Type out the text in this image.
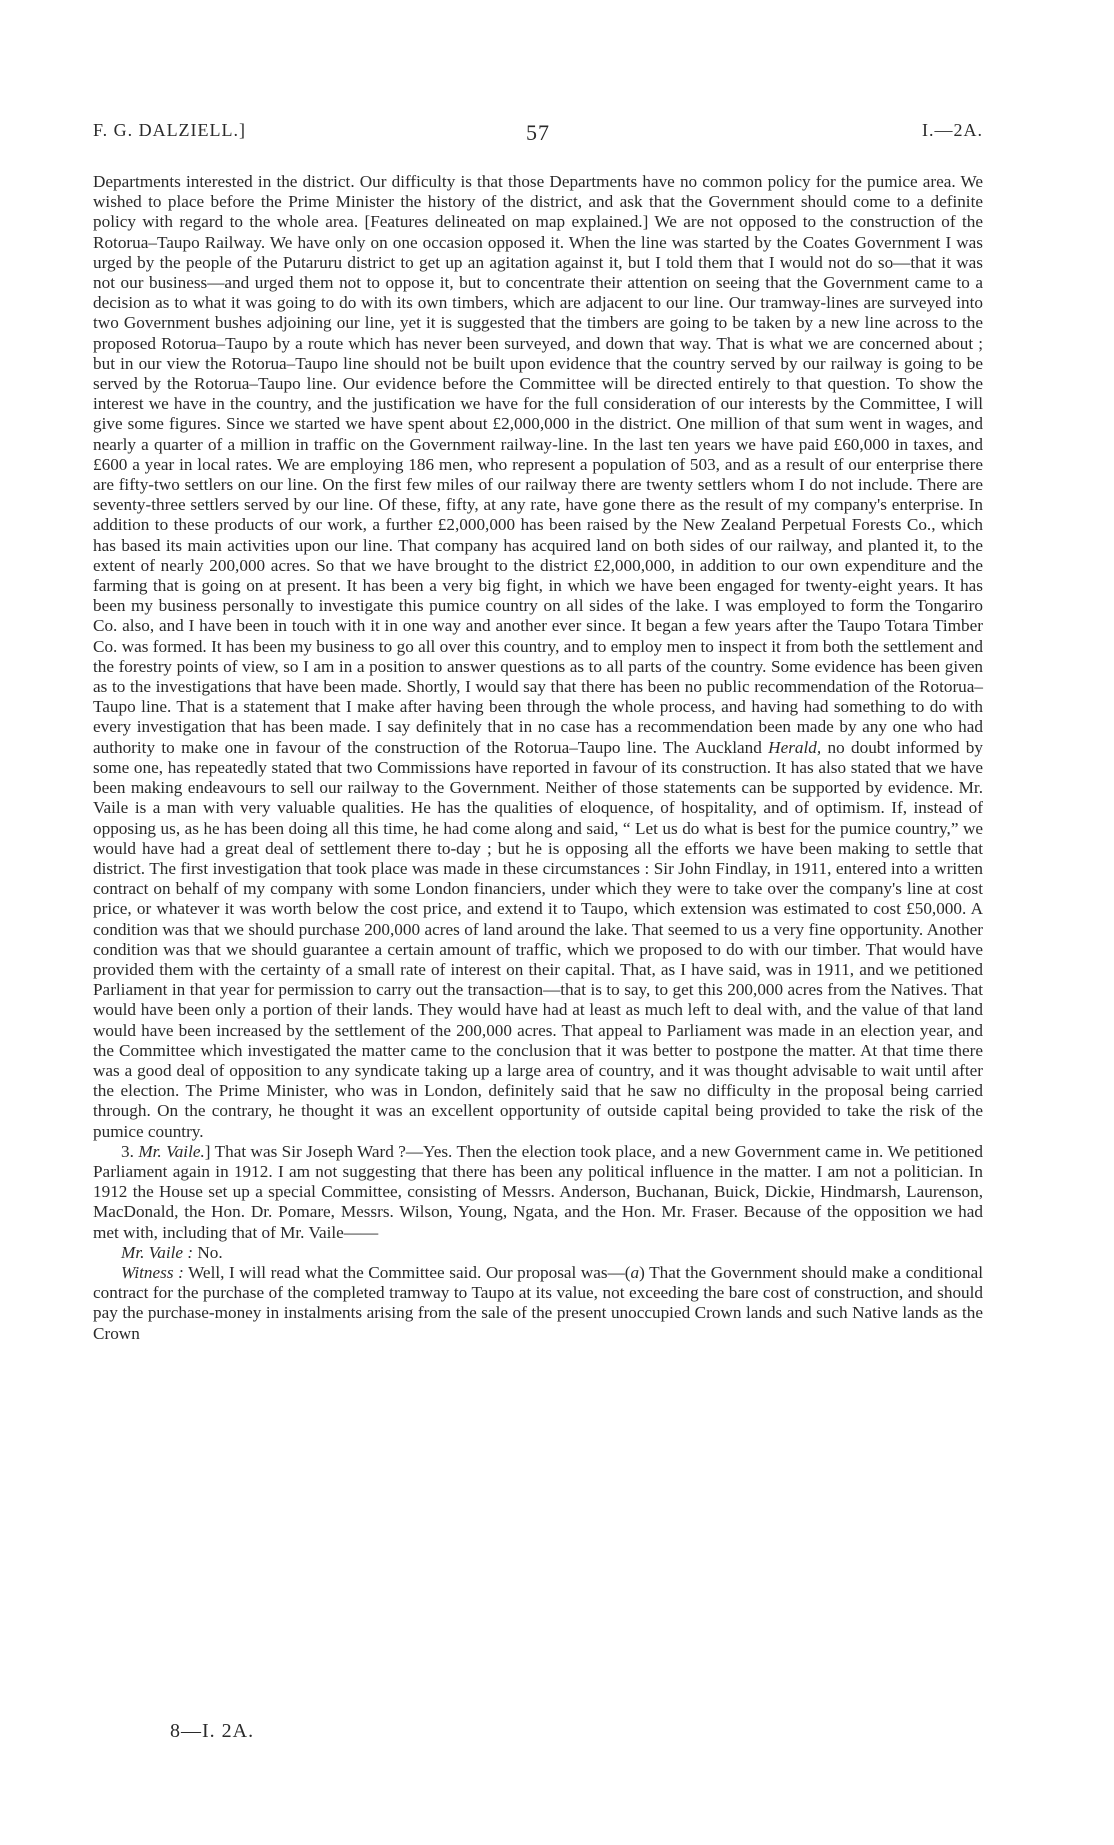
F. G. DALZIELL.]	57	I.—2A.

Departments interested in the district. Our difficulty is that those Departments have no common policy for the pumice area. We wished to place before the Prime Minister the history of the district, and ask that the Government should come to a definite policy with regard to the whole area. [Features delineated on map explained.] We are not opposed to the construction of the Rotorua–Taupo Railway. We have only on one occasion opposed it. When the line was started by the Coates Government I was urged by the people of the Putaruru district to get up an agitation against it, but I told them that I would not do so—that it was not our business—and urged them not to oppose it, but to concentrate their attention on seeing that the Government came to a decision as to what it was going to do with its own timbers, which are adjacent to our line. Our tramway-lines are surveyed into two Government bushes adjoining our line, yet it is suggested that the timbers are going to be taken by a new line across to the proposed Rotorua–Taupo by a route which has never been surveyed, and down that way. That is what we are concerned about ; but in our view the Rotorua–Taupo line should not be built upon evidence that the country served by our railway is going to be served by the Rotorua–Taupo line. Our evidence before the Committee will be directed entirely to that question. To show the interest we have in the country, and the justification we have for the full consideration of our interests by the Committee, I will give some figures. Since we started we have spent about £2,000,000 in the district. One million of that sum went in wages, and nearly a quarter of a million in traffic on the Government railway-line. In the last ten years we have paid £60,000 in taxes, and £600 a year in local rates. We are employing 186 men, who represent a population of 503, and as a result of our enterprise there are fifty-two settlers on our line. On the first few miles of our railway there are twenty settlers whom I do not include. There are seventy-three settlers served by our line. Of these, fifty, at any rate, have gone there as the result of my company's enterprise. In addition to these products of our work, a further £2,000,000 has been raised by the New Zealand Perpetual Forests Co., which has based its main activities upon our line. That company has acquired land on both sides of our railway, and planted it, to the extent of nearly 200,000 acres. So that we have brought to the district £2,000,000, in addition to our own expenditure and the farming that is going on at present. It has been a very big fight, in which we have been engaged for twenty-eight years. It has been my business personally to investigate this pumice country on all sides of the lake. I was employed to form the Tongariro Co. also, and I have been in touch with it in one way and another ever since. It began a few years after the Taupo Totara Timber Co. was formed. It has been my business to go all over this country, and to employ men to inspect it from both the settlement and the forestry points of view, so I am in a position to answer questions as to all parts of the country. Some evidence has been given as to the investigations that have been made. Shortly, I would say that there has been no public recommendation of the Rotorua–Taupo line. That is a statement that I make after having been through the whole process, and having had something to do with every investigation that has been made. I say definitely that in no case has a recommendation been made by any one who had authority to make one in favour of the construction of the Rotorua–Taupo line. The Auckland Herald, no doubt informed by some one, has repeatedly stated that two Commissions have reported in favour of its construction. It has also stated that we have been making endeavours to sell our railway to the Government. Neither of those statements can be supported by evidence. Mr. Vaile is a man with very valuable qualities. He has the qualities of eloquence, of hospitality, and of optimism. If, instead of opposing us, as he has been doing all this time, he had come along and said, “ Let us do what is best for the pumice country,” we would have had a great deal of settlement there to-day ; but he is opposing all the efforts we have been making to settle that district. The first investigation that took place was made in these circumstances : Sir John Findlay, in 1911, entered into a written contract on behalf of my company with some London financiers, under which they were to take over the company's line at cost price, or whatever it was worth below the cost price, and extend it to Taupo, which extension was estimated to cost £50,000. A condition was that we should purchase 200,000 acres of land around the lake. That seemed to us a very fine opportunity. Another condition was that we should guarantee a certain amount of traffic, which we proposed to do with our timber. That would have provided them with the certainty of a small rate of interest on their capital. That, as I have said, was in 1911, and we petitioned Parliament in that year for permission to carry out the transaction—that is to say, to get this 200,000 acres from the Natives. That would have been only a portion of their lands. They would have had at least as much left to deal with, and the value of that land would have been increased by the settlement of the 200,000 acres. That appeal to Parliament was made in an election year, and the Committee which investigated the matter came to the conclusion that it was better to postpone the matter. At that time there was a good deal of opposition to any syndicate taking up a large area of country, and it was thought advisable to wait until after the election. The Prime Minister, who was in London, definitely said that he saw no difficulty in the proposal being carried through. On the contrary, he thought it was an excellent opportunity of outside capital being provided to take the risk of the pumice country.

3. Mr. Vaile.] That was Sir Joseph Ward ?—Yes. Then the election took place, and a new Government came in. We petitioned Parliament again in 1912. I am not suggesting that there has been any political influence in the matter. I am not a politician. In 1912 the House set up a special Committee, consisting of Messrs. Anderson, Buchanan, Buick, Dickie, Hindmarsh, Laurenson, MacDonald, the Hon. Dr. Pomare, Messrs. Wilson, Young, Ngata, and the Hon. Mr. Fraser. Because of the opposition we had met with, including that of Mr. Vaile——

Mr. Vaile : No.

Witness : Well, I will read what the Committee said. Our proposal was—(a) That the Government should make a conditional contract for the purchase of the completed tramway to Taupo at its value, not exceeding the bare cost of construction, and should pay the purchase-money in instalments arising from the sale of the present unoccupied Crown lands and such Native lands as the Crown

8—I. 2A.
